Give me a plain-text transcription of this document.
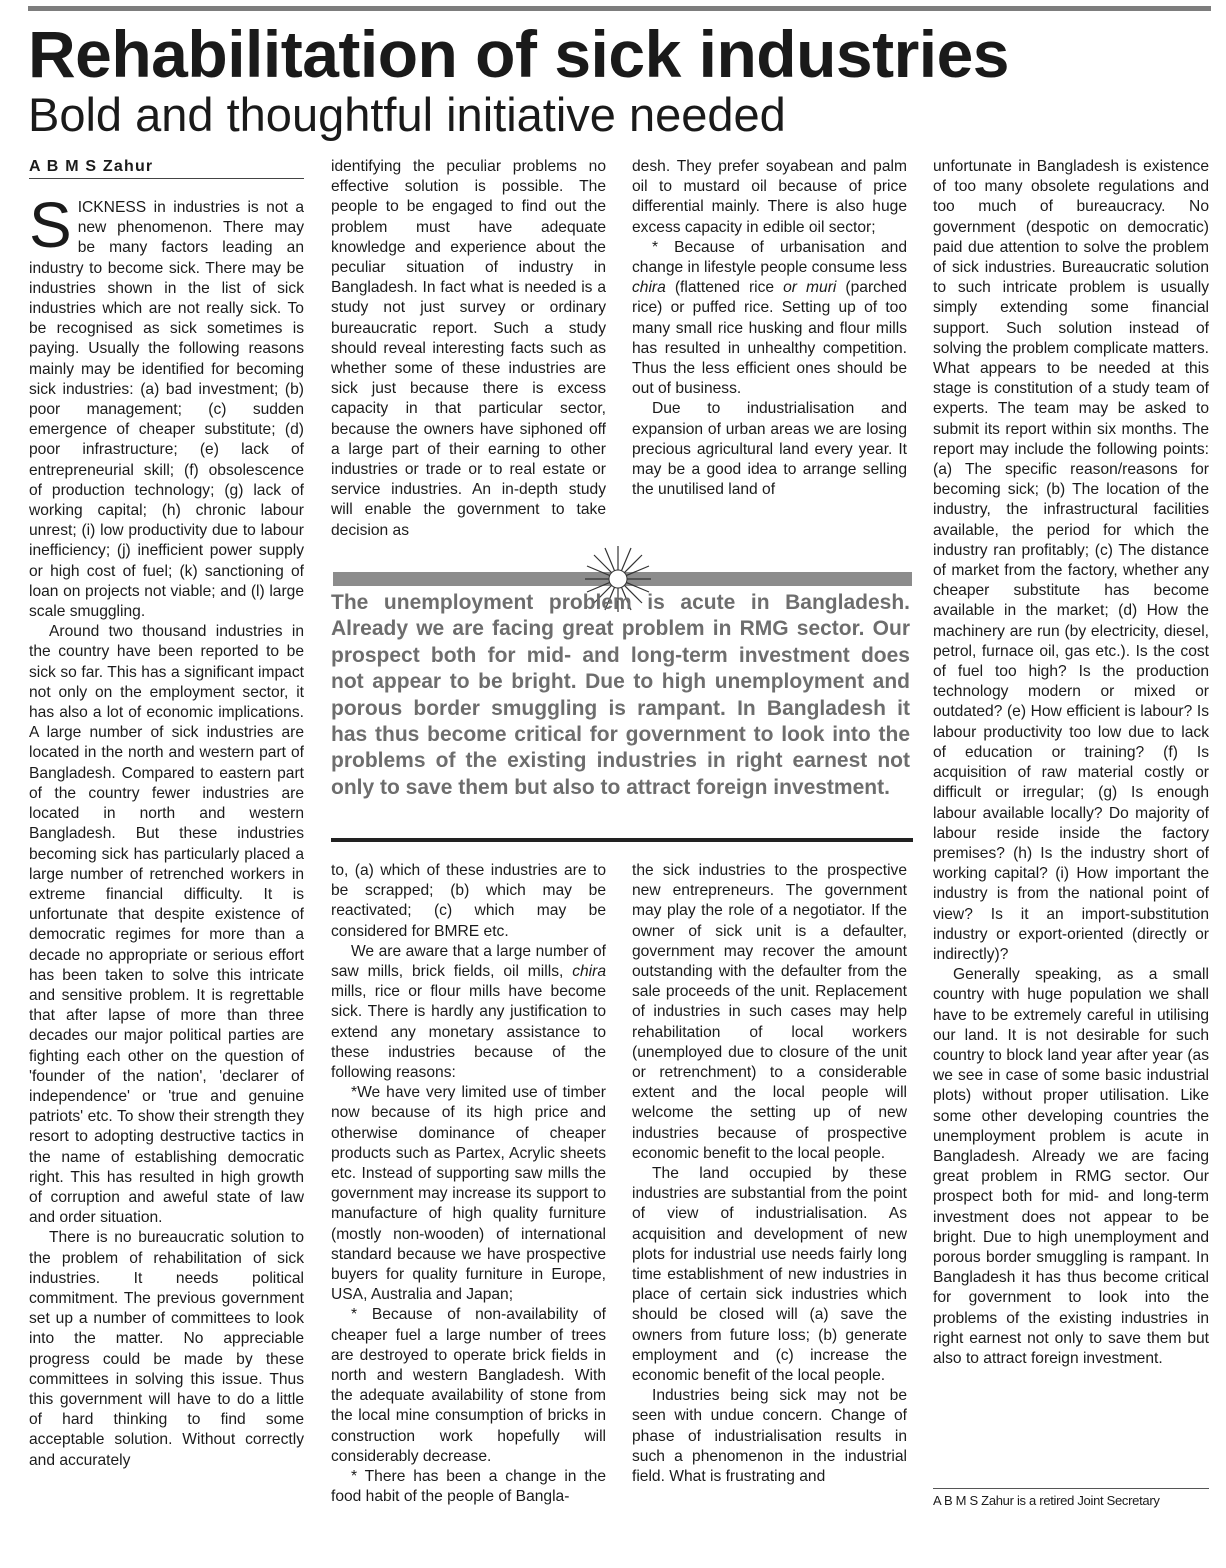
Rehabilitation of sick industries
Bold and thoughtful initiative needed
A B M S Zahur

SICKNESS in industries is not a new phenomenon. There may be many factors leading an industry to become sick. There may be industries shown in the list of sick industries which are not really sick. To be recognised as sick sometimes is paying. Usually the following reasons mainly may be identified for becoming sick industries: (a) bad investment; (b) poor management; (c) sudden emergence of cheaper substitute; (d) poor infrastructure; (e) lack of entrepreneurial skill; (f) obsolescence of production technology; (g) lack of working capital; (h) chronic labour unrest; (i) low productivity due to labour inefficiency; (j) inefficient power supply or high cost of fuel; (k) sanctioning of loan on projects not viable; and (l) large scale smuggling.

Around two thousand industries in the country have been reported to be sick so far. This has a significant impact not only on the employment sector, it has also a lot of economic implications. A large number of sick industries are located in the north and western part of Bangladesh. Compared to eastern part of the country fewer industries are located in north and western Bangladesh. But these industries becoming sick has particularly placed a large number of retrenched workers in extreme financial difficulty. It is unfortunate that despite existence of democratic regimes for more than a decade no appropriate or serious effort has been taken to solve this intricate and sensitive problem. It is regrettable that after lapse of more than three decades our major political parties are fighting each other on the question of 'founder of the nation', 'declarer of independence' or 'true and genuine patriots' etc. To show their strength they resort to adopting destructive tactics in the name of establishing democratic right. This has resulted in high growth of corruption and aweful state of law and order situation.

There is no bureaucratic solution to the problem of rehabilitation of sick industries. It needs political commitment. The previous government set up a number of committees to look into the matter. No appreciable progress could be made by these committees in solving this issue. Thus this government will have to do a little of hard thinking to find some acceptable solution. Without correctly and accurately

identifying the peculiar problems no effective solution is possible. The people to be engaged to find out the problem must have adequate knowledge and experience about the peculiar situation of industry in Bangladesh. In fact what is needed is a study not just survey or ordinary bureaucratic report. Such a study should reveal interesting facts such as whether some of these industries are sick just because there is excess capacity in that particular sector, because the owners have siphoned off a large part of their earning to other industries or trade or to real estate or service industries. An in-depth study will enable the government to take decision as

desh. They prefer soyabean and palm oil to mustard oil because of price differential mainly. There is also huge excess capacity in edible oil sector;

* Because of urbanisation and change in lifestyle people consume less chira (flattened rice or muri (parched rice) or puffed rice. Setting up of too many small rice husking and flour mills has resulted in unhealthy competition. Thus the less efficient ones should be out of business.

Due to industrialisation and expansion of urban areas we are losing precious agricultural land every year. It may be a good idea to arrange selling the unutilised land of

The unemployment problem is acute in Bangladesh. Already we are facing great problem in RMG sector. Our prospect both for mid- and long-term investment does not appear to be bright. Due to high unemployment and porous border smuggling is rampant. In Bangladesh it has thus become critical for government to look into the problems of the existing industries in right earnest not only to save them but also to attract foreign investment.

to, (a) which of these industries are to be scrapped; (b) which may be reactivated; (c) which may be considered for BMRE etc.

We are aware that a large number of saw mills, brick fields, oil mills, chira mills, rice or flour mills have become sick. There is hardly any justification to extend any monetary assistance to these industries because of the following reasons:

*We have very limited use of timber now because of its high price and otherwise dominance of cheaper products such as Partex, Acrylic sheets etc. Instead of supporting saw mills the government may increase its support to manufacture of high quality furniture (mostly non-wooden) of international standard because we have prospective buyers for quality furniture in Europe, USA, Australia and Japan;

* Because of non-availability of cheaper fuel a large number of trees are destroyed to operate brick fields in north and western Bangladesh. With the adequate availability of stone from the local mine consumption of bricks in construction work hopefully will considerably decrease.

* There has been a change in the food habit of the people of Bangla-

the sick industries to the prospective new entrepreneurs. The government may play the role of a negotiator. If the owner of sick unit is a defaulter, government may recover the amount outstanding with the defaulter from the sale proceeds of the unit. Replacement of industries in such cases may help rehabilitation of local workers (unemployed due to closure of the unit or retrenchment) to a considerable extent and the local people will welcome the setting up of new industries because of prospective economic benefit to the local people.

The land occupied by these industries are substantial from the point of view of industrialisation. As acquisition and development of new plots for industrial use needs fairly long time establishment of new industries in place of certain sick industries which should be closed will (a) save the owners from future loss; (b) generate employment and (c) increase the economic benefit of the local people.

Industries being sick may not be seen with undue concern. Change of phase of industrialisation results in such a phenomenon in the industrial field. What is frustrating and

unfortunate in Bangladesh is existence of too many obsolete regulations and too much of bureaucracy. No government (despotic on democratic) paid due attention to solve the problem of sick industries. Bureaucratic solution to such intricate problem is usually simply extending some financial support. Such solution instead of solving the problem complicate matters. What appears to be needed at this stage is constitution of a study team of experts. The team may be asked to submit its report within six months. The report may include the following points: (a) The specific reason/reasons for becoming sick; (b) The location of the industry, the infrastructural facilities available, the period for which the industry ran profitably; (c) The distance of market from the factory, whether any cheaper substitute has become available in the market; (d) How the machinery are run (by electricity, diesel, petrol, furnace oil, gas etc.). Is the cost of fuel too high? Is the production technology modern or mixed or outdated? (e) How efficient is labour? Is labour productivity too low due to lack of education or training? (f) Is acquisition of raw material costly or difficult or irregular; (g) Is enough labour available locally? Do majority of labour reside inside the factory premises? (h) Is the industry short of working capital? (i) How important the industry is from the national point of view? Is it an import-substitution industry or export-oriented (directly or indirectly)?

Generally speaking, as a small country with huge population we shall have to be extremely careful in utilising our land. It is not desirable for such country to block land year after year (as we see in case of some basic industrial plots) without proper utilisation. Like some other developing countries the unemployment problem is acute in Bangladesh. Already we are facing great problem in RMG sector. Our prospect both for mid- and long-term investment does not appear to be bright. Due to high unemployment and porous border smuggling is rampant. In Bangladesh it has thus become critical for government to look into the problems of the existing industries in right earnest not only to save them but also to attract foreign investment.

A B M S Zahur is a retired Joint Secretary
